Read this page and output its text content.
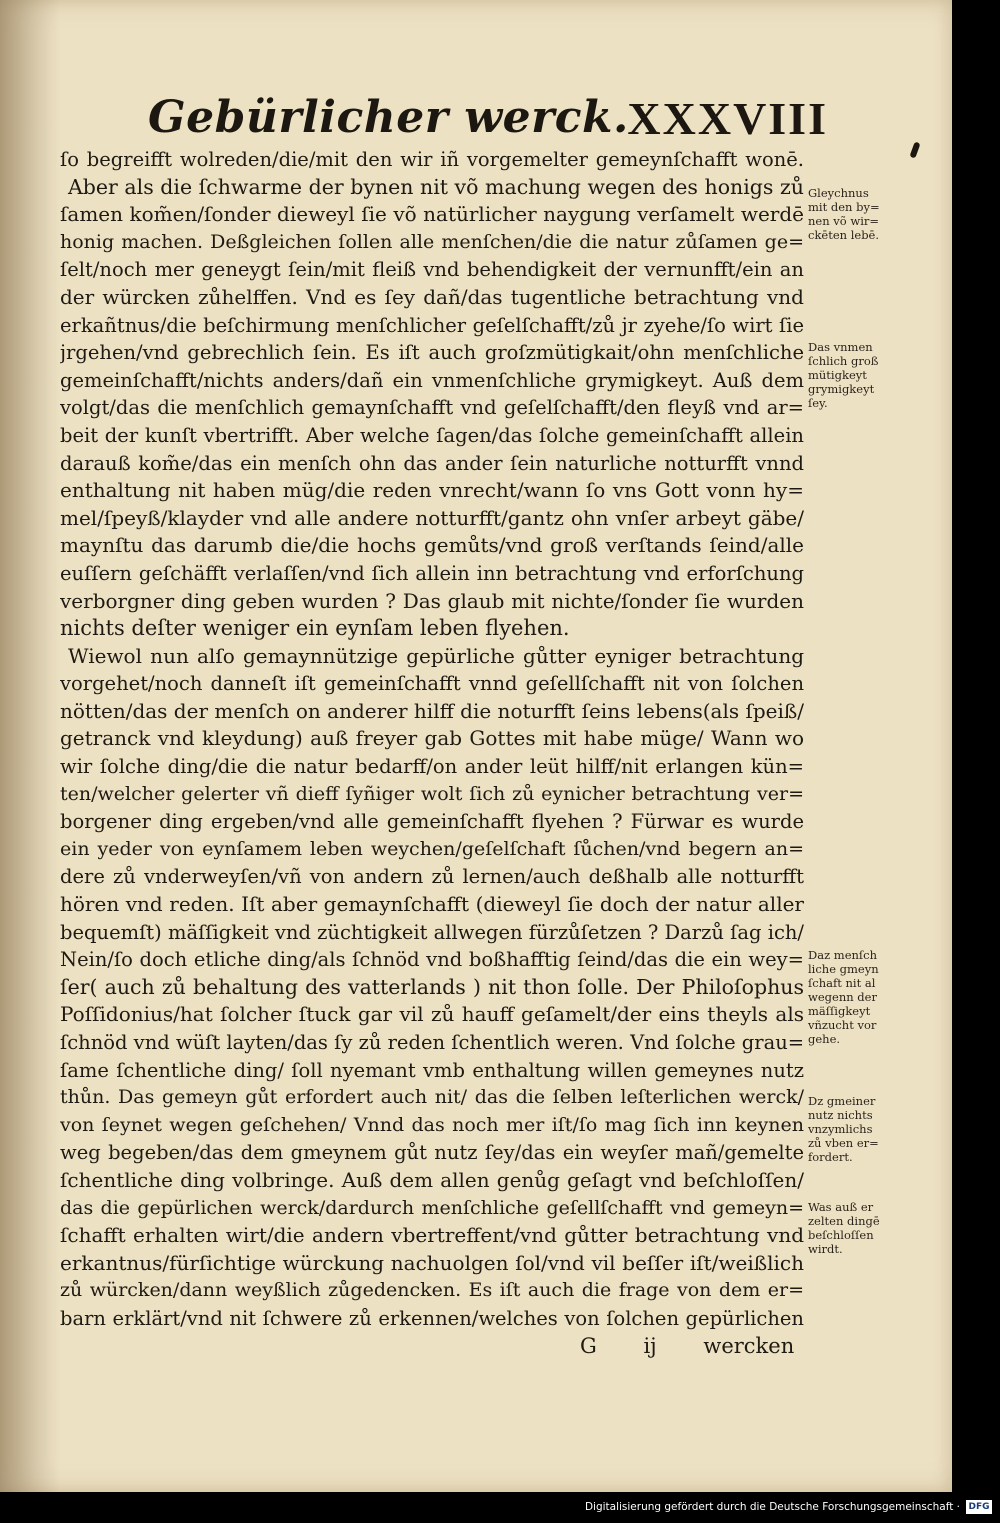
Gebürlicher werck.
XXXVIII
ſo begreifft wolreden/die/mit den wir iñ vorgemelter gemeynſchafft wonē.
Aber als die ſchwarme der bynen nit võ machung wegen des honigs zů
ſamen kom̃en/ſonder dieweyl ſie võ natürlicher naygung verſamelt werdē
honig machen. Deßgleichen ſollen alle menſchen/die die natur zůſamen ge=
ſelt/noch mer geneygt ſein/mit fleiß vnd behendigkeit der vernunfft/ein an
der würcken zůhelffen. Vnd es ſey dañ/das tugentliche betrachtung vnd
erkañtnus/die beſchirmung menſchlicher geſelſchafft/zů jr zyehe/ſo wirt ſie
jrgehen/vnd gebrechlich ſein. Es iſt auch groſzmütigkait/ohn menſchliche
gemeinſchafft/nichts anders/dañ ein vnmenſchliche grymigkeyt. Auß dem
volgt/das die menſchlich gemaynſchafft vnd geſelſchafft/den fleyß vnd ar=
beit der kunſt vbertrifft. Aber welche ſagen/das ſolche gemeinſchafft allein
darauß kom̃e/das ein menſch ohn das ander ſein naturliche notturfft vnnd
enthaltung nit haben müg/die reden vnrecht/wann ſo vns Gott vonn hy=
mel/ſpeyß/klayder vnd alle andere notturfft/gantz ohn vnſer arbeyt gäbe/
maynſtu das darumb die/die hochs gemůts/vnd groß verſtands ſeind/alle
euſſern geſchäfft verlaſſen/vnd ſich allein inn betrachtung vnd erforſchung
verborgner ding geben wurden ? Das glaub mit nichte/ſonder ſie wurden
nichts deſter weniger ein eynſam leben flyehen.
Wiewol nun alſo gemaynnützige gepürliche gůtter eyniger betrachtung
vorgehet/noch danneſt iſt gemeinſchafft vnnd geſellſchafft nit von ſolchen
nötten/das der menſch on anderer hilff die noturfft ſeins lebens(als ſpeiß/
getranck vnd kleydung) auß freyer gab Gottes mit habe müge/ Wann wo
wir ſolche ding/die die natur bedarff/on ander leüt hilff/nit erlangen kün=
ten/welcher gelerter vñ dieff ſyñiger wolt ſich zů eynicher betrachtung ver=
borgener ding ergeben/vnd alle gemeinſchafft flyehen ? Fürwar es wurde
ein yeder von eynſamem leben weychen/geſelſchaft ſůchen/vnd begern an=
dere zů vnderweyſen/vñ von andern zů lernen/auch deßhalb alle notturfft
hören vnd reden. Iſt aber gemaynſchafft (dieweyl ſie doch der natur aller
bequemſt) mäſſigkeit vnd züchtigkeit allwegen fürzůſetzen ? Darzů ſag ich/
Nein/ſo doch etliche ding/als ſchnöd vnd boßhafftig ſeind/das die ein wey=
ſer( auch zů behaltung des vatterlands ) nit thon ſolle. Der Philoſophus
Poſſidonius/hat ſolcher ſtuck gar vil zů hauff geſamelt/der eins theyls als
ſchnöd vnd wüſt layten/das ſy zů reden ſchentlich weren. Vnd ſolche grau=
ſame ſchentliche ding/ ſoll nyemant vmb enthaltung willen gemeynes nutz
thůn. Das gemeyn gůt erfordert auch nit/ das die ſelben leſterlichen werck/
von ſeynet wegen geſchehen/ Vnnd das noch mer iſt/ſo mag ſich inn keynen
weg begeben/das dem gmeynem gůt nutz ſey/das ein weyſer mañ/gemelte
ſchentliche ding volbringe. Auß dem allen genůg geſagt vnd beſchloſſen/
das die gepürlichen werck/dardurch menſchliche geſellſchafft vnd gemeyn=
ſchafft erhalten wirt/die andern vbertreffent/vnd gůtter betrachtung vnd
erkantnus/fürſichtige würckung nachuolgen ſol/vnd vil beſſer iſt/weißlich
zů würcken/dann weyßlich zůgedencken. Es iſt auch die frage von dem er=
barn erklärt/vnd nit ſchwere zů erkennen/welches von ſolchen gepürlichen
G ij wercken
Gleychnus
mit den by=
nen võ wir=
ckēten lebē.
Das vnmen
ſchlich groß
mütigkeyt
grymigkeyt
ſey.
Daz menſch
liche gmeyn
ſchaft nit al
wegenn der
mäſſigkeyt
vñzucht vor
gehe.
Dz gmeiner
nutz nichts
vnzymlichs
zů vben er=
fordert.
Was auß er
zelten dingē
beſchloſſen
wirdt.
Digitalisierung gefördert durch die Deutsche Forschungsgemeinschaft · DFG
